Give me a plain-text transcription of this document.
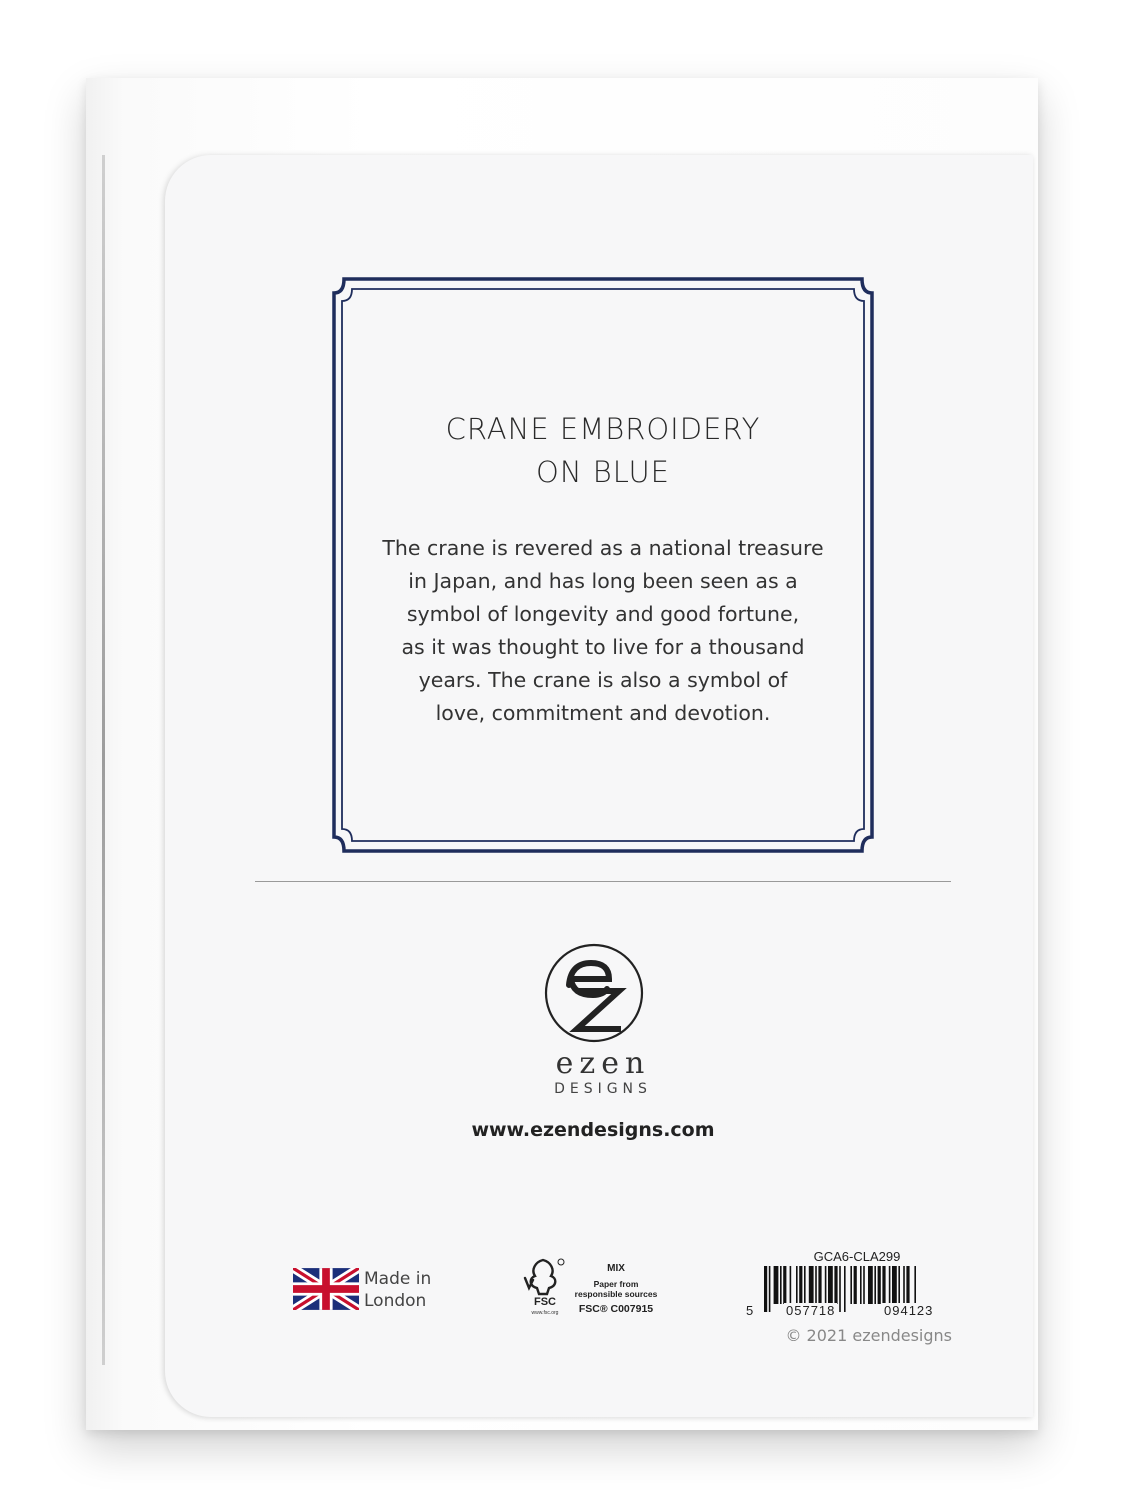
CRANE EMBROIDERY
ON BLUE
The crane is revered as a national treasure
in Japan, and has long been seen as a
symbol of longevity and good fortune,
as it was thought to live for a thousand
years. The crane is also a symbol of
love, commitment and devotion.
ezen
DESIGNS
www.ezendesigns.com
Made in
London	FSC
www.fsc.org
MIX
Paper from
responsible sources
FSC® C007915
GCA6-CLA299
5 057718	094123
© 2021 ezendesigns
